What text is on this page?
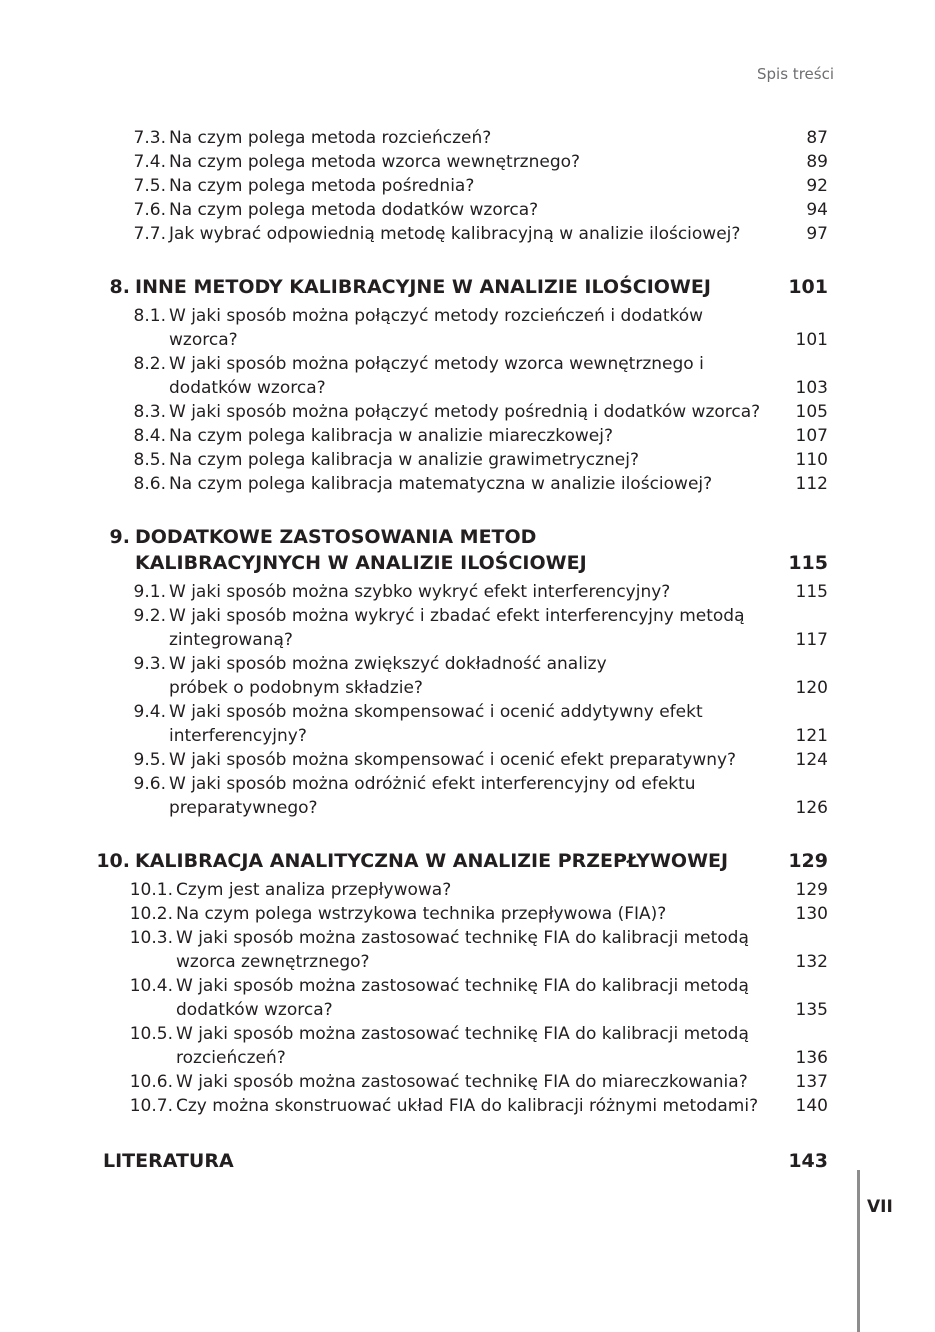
Spis treści
7.3. Na czym polega metoda rozcieńczeń?	87
7.4. Na czym polega metoda wzorca wewnętrznego?	89
7.5. Na czym polega metoda pośrednia?	92
7.6. Na czym polega metoda dodatków wzorca?	94
7.7. Jak wybrać odpowiednią metodę kalibracyjną w analizie ilościowej?	97
8. INNE METODY KALIBRACYJNE W ANALIZIE ILOŚCIOWEJ	101
8.1. W jaki sposób można połączyć metody rozcieńczeń i dodatków wzorca?	101
8.2. W jaki sposób można połączyć metody wzorca wewnętrznego i dodatków wzorca?	103
8.3. W jaki sposób można połączyć metody pośrednią i dodatków wzorca?	105
8.4. Na czym polega kalibracja w analizie miareczkowej?	107
8.5. Na czym polega kalibracja w analizie grawimetrycznej?	110
8.6. Na czym polega kalibracja matematyczna w analizie ilościowej?	112
9. DODATKOWE ZASTOSOWANIA METOD KALIBRACYJNYCH W ANALIZIE ILOŚCIOWEJ	115
9.1. W jaki sposób można szybko wykryć efekt interferencyjny?	115
9.2. W jaki sposób można wykryć i zbadać efekt interferencyjny metodą zintegrowaną?	117
9.3. W jaki sposób można zwiększyć dokładność analizy próbek o podobnym składzie?	120
9.4. W jaki sposób można skompensować i ocenić addytywny efekt interferencyjny?	121
9.5. W jaki sposób można skompensować i ocenić efekt preparatywny?	124
9.6. W jaki sposób można odróżnić efekt interferencyjny od efektu preparatywnego?	126
10. KALIBRACJA ANALITYCZNA W ANALIZIE PRZEPŁYWOWEJ	129
10.1. Czym jest analiza przepływowa?	129
10.2. Na czym polega wstrzykowa technika przepływowa (FIA)?	130
10.3. W jaki sposób można zastosować technikę FIA do kalibracji metodą wzorca zewnętrznego?	132
10.4. W jaki sposób można zastosować technikę FIA do kalibracji metodą dodatków wzorca?	135
10.5. W jaki sposób można zastosować technikę FIA do kalibracji metodą rozcieńczeń?	136
10.6. W jaki sposób można zastosować technikę FIA do miareczkowania?	137
10.7. Czy można skonstruować układ FIA do kalibracji różnymi metodami?	140
LITERATURA	143
VII
